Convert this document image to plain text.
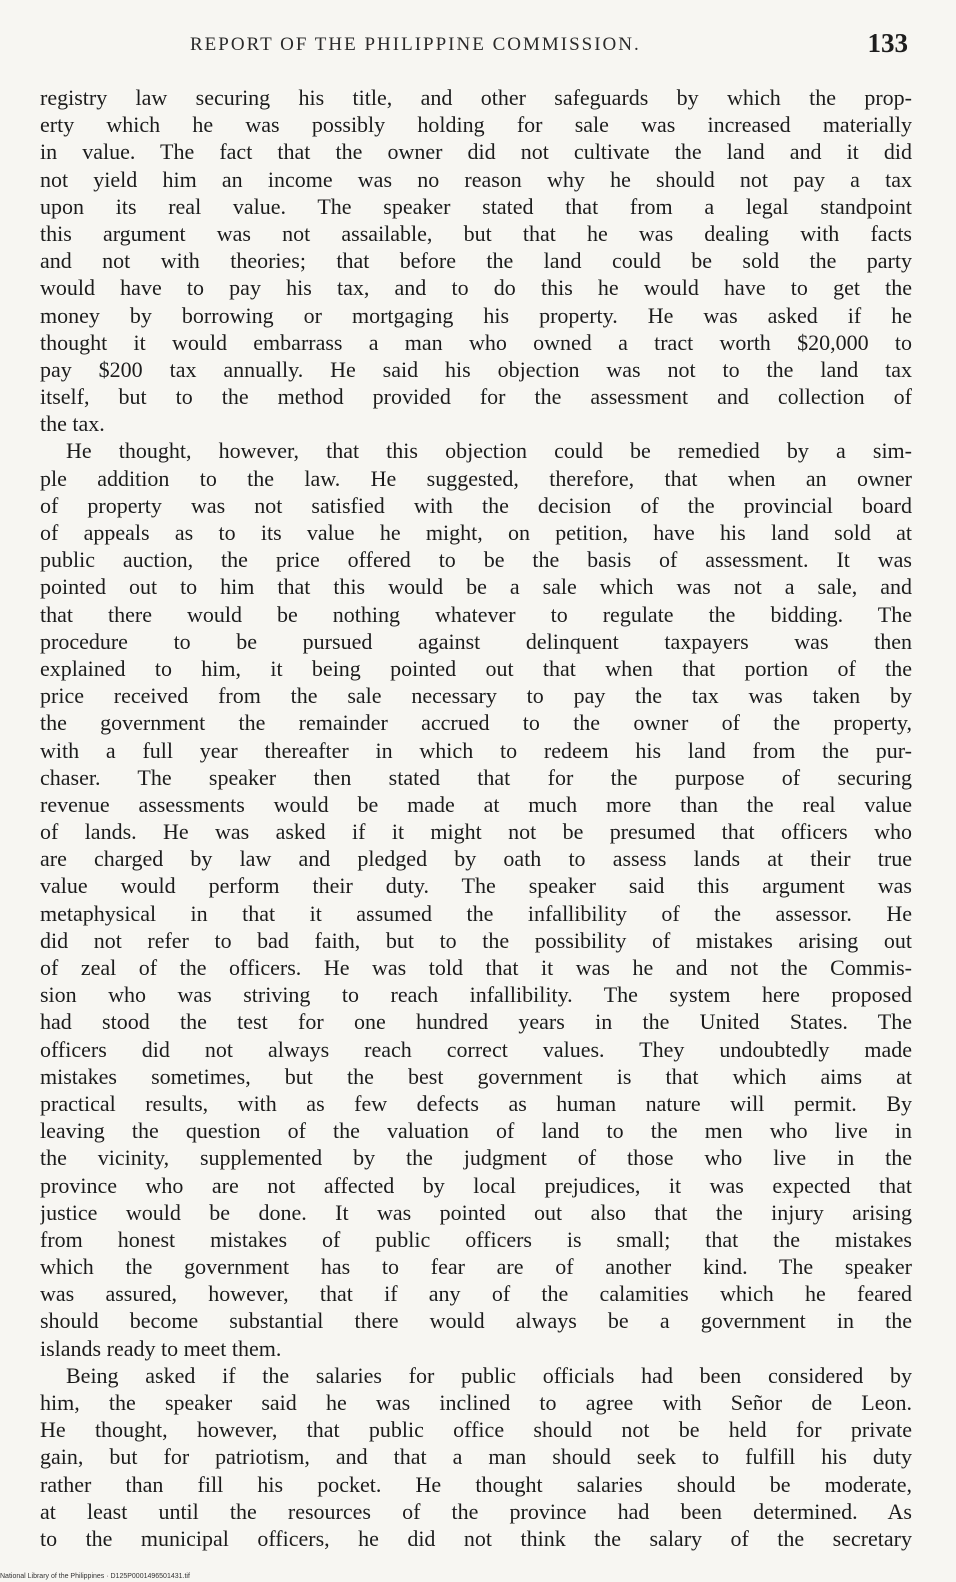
REPORT OF THE PHILIPPINE COMMISSION.	133
registry law securing his title, and other safeguards by which the prop-
erty which he was possibly holding for sale was increased materially
in value. The fact that the owner did not cultivate the land and it did
not yield him an income was no reason why he should not pay a tax
upon its real value. The speaker stated that from a legal standpoint
this argument was not assailable, but that he was dealing with facts
and not with theories; that before the land could be sold the party
would have to pay his tax, and to do this he would have to get the
money by borrowing or mortgaging his property. He was asked if he
thought it would embarrass a man who owned a tract worth $20,000 to
pay $200 tax annually. He said his objection was not to the land tax
itself, but to the method provided for the assessment and collection of
the tax.
He thought, however, that this objection could be remedied by a sim-
ple addition to the law. He suggested, therefore, that when an owner
of property was not satisfied with the decision of the provincial board
of appeals as to its value he might, on petition, have his land sold at
public auction, the price offered to be the basis of assessment. It was
pointed out to him that this would be a sale which was not a sale, and
that there would be nothing whatever to regulate the bidding. The
procedure to be pursued against delinquent taxpayers was then
explained to him, it being pointed out that when that portion of the
price received from the sale necessary to pay the tax was taken by
the government the remainder accrued to the owner of the property,
with a full year thereafter in which to redeem his land from the pur-
chaser. The speaker then stated that for the purpose of securing
revenue assessments would be made at much more than the real value
of lands. He was asked if it might not be presumed that officers who
are charged by law and pledged by oath to assess lands at their true
value would perform their duty. The speaker said this argument was
metaphysical in that it assumed the infallibility of the assessor. He
did not refer to bad faith, but to the possibility of mistakes arising out
of zeal of the officers. He was told that it was he and not the Commis-
sion who was striving to reach infallibility. The system here proposed
had stood the test for one hundred years in the United States. The
officers did not always reach correct values. They undoubtedly made
mistakes sometimes, but the best government is that which aims at
practical results, with as few defects as human nature will permit. By
leaving the question of the valuation of land to the men who live in
the vicinity, supplemented by the judgment of those who live in the
province who are not affected by local prejudices, it was expected that
justice would be done. It was pointed out also that the injury arising
from honest mistakes of public officers is small; that the mistakes
which the government has to fear are of another kind. The speaker
was assured, however, that if any of the calamities which he feared
should become substantial there would always be a government in the
islands ready to meet them.
Being asked if the salaries for public officials had been considered by
him, the speaker said he was inclined to agree with Señor de Leon.
He thought, however, that public office should not be held for private
gain, but for patriotism, and that a man should seek to fulfill his duty
rather than fill his pocket. He thought salaries should be moderate,
at least until the resources of the province had been determined. As
to the municipal officers, he did not think the salary of the secretary
National Library of the Philippines · D125P0001496501431.tif
